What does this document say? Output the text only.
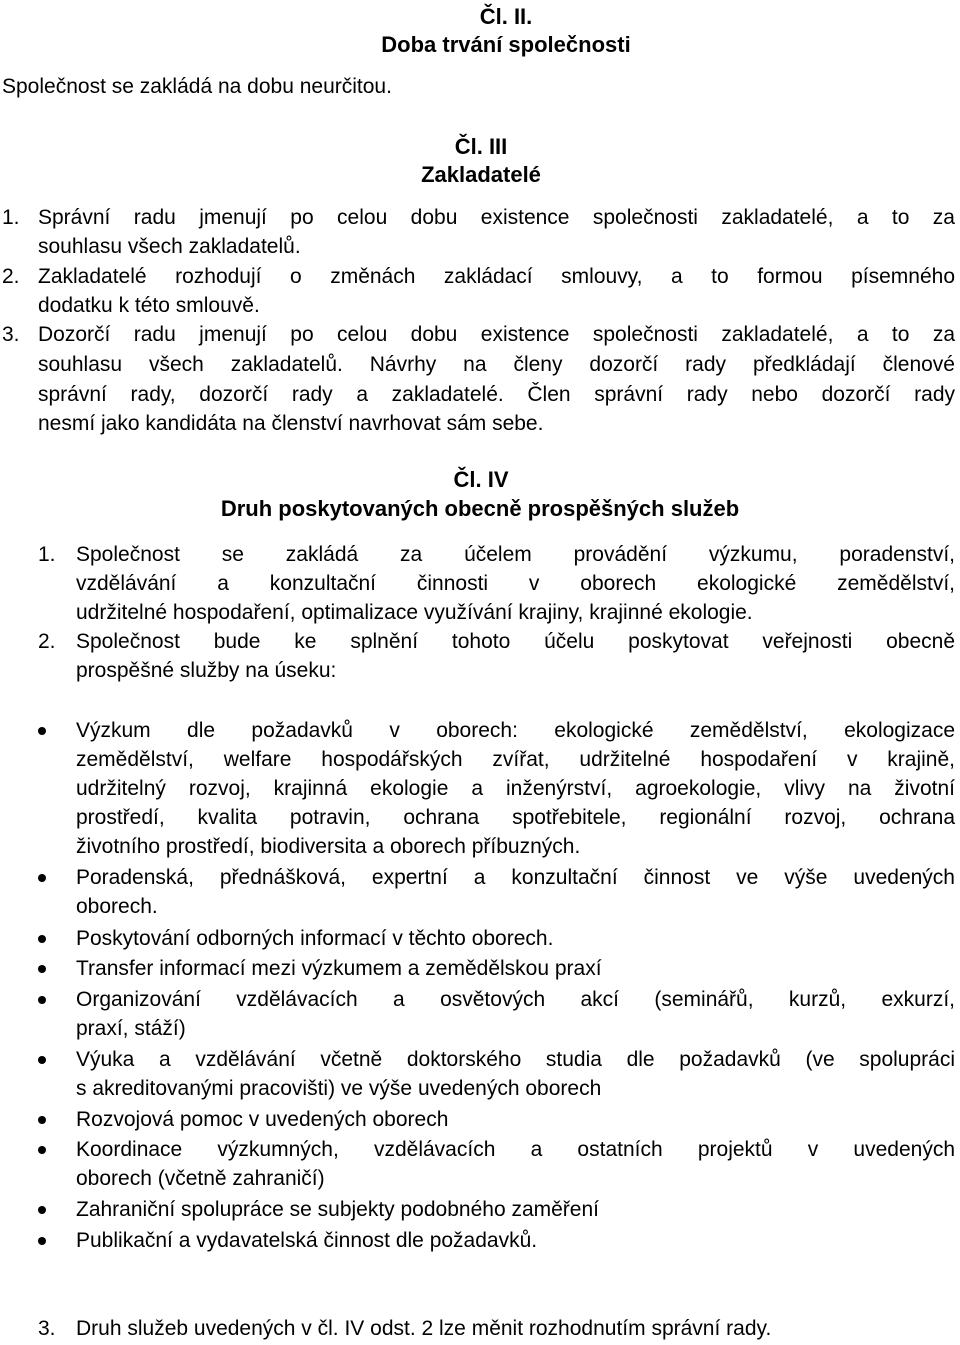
Čl. II.
Doba trvání společnosti
Společnost se zakládá na dobu neurčitou.
Čl. III
Zakladatelé
1. Správní radu jmenují po celou dobu existence společnosti zakladatelé, a to za
souhlasu všech zakladatelů.
2. Zakladatelé rozhodují o změnách zakládací smlouvy, a to formou písemného
dodatku k této smlouvě.
3. Dozorčí radu jmenují po celou dobu existence společnosti zakladatelé, a to za
souhlasu všech zakladatelů. Návrhy na členy dozorčí rady předkládají členové
správní rady, dozorčí rady a zakladatelé. Člen správní rady nebo dozorčí rady
nesmí jako kandidáta na členství navrhovat sám sebe.
Čl. IV
Druh poskytovaných obecně prospěšných služeb
1. Společnost se zakládá za účelem provádění výzkumu, poradenství,
vzdělávání a konzultační činnosti v oborech ekologické zemědělství,
udržitelné hospodaření, optimalizace využívání krajiny, krajinné ekologie.
2. Společnost bude ke splnění tohoto účelu poskytovat veřejnosti obecně
prospěšné služby na úseku:
Výzkum dle požadavků v oborech: ekologické zemědělství, ekologizace
zemědělství, welfare hospodářských zvířat, udržitelné hospodaření v krajině,
udržitelný rozvoj, krajinná ekologie a inženýrství, agroekologie, vlivy na životní
prostředí, kvalita potravin, ochrana spotřebitele, regionální rozvoj, ochrana
životního prostředí, biodiversita a oborech příbuzných.
Poradenská, přednášková, expertní a konzultační činnost ve výše uvedených
oborech.
Poskytování odborných informací v těchto oborech.
Transfer informací mezi výzkumem a zemědělskou praxí
Organizování vzdělávacích a osvětových akcí (seminářů, kurzů, exkurzí,
praxí, stáží)
Výuka a vzdělávání včetně doktorského studia dle požadavků (ve spolupráci
s akreditovanými pracovišti) ve výše uvedených oborech
Rozvojová pomoc v uvedených oborech
Koordinace výzkumných, vzdělávacích a ostatních projektů v uvedených
oborech (včetně zahraničí)
Zahraniční spolupráce se subjekty podobného zaměření
Publikační a vydavatelská činnost dle požadavků.
3. Druh služeb uvedených v čl. IV odst. 2 lze měnit rozhodnutím správní rady.
